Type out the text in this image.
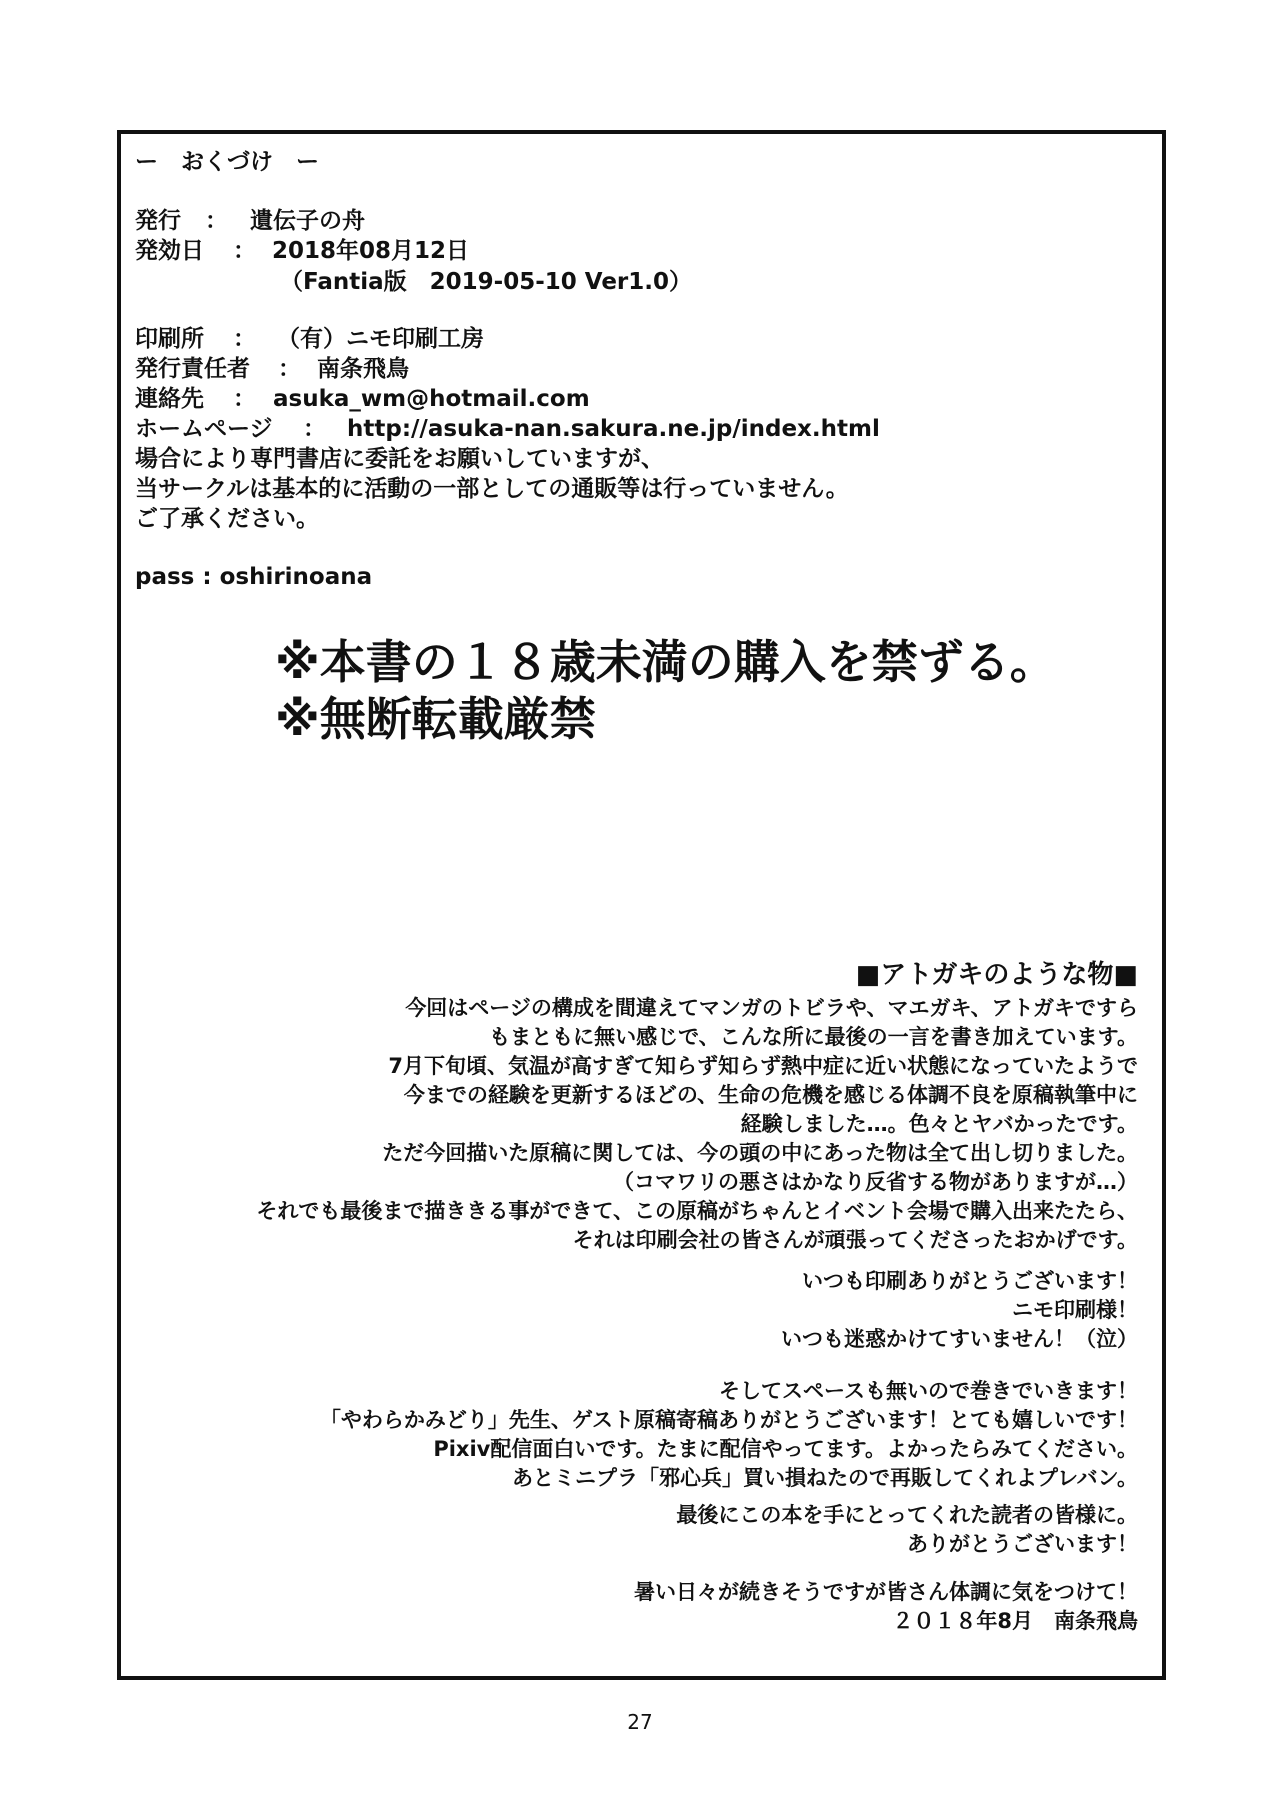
ー　おくづけ　ー
発行 ： 遺伝子の舟
発効日 ： 2018年08月12日
（Fantia版　2019-05-10 Ver1.0）
印刷所 ： （有）ニモ印刷工房
発行責任者 ： 南条飛鳥
連絡先 ： asuka_wm@hotmail.com
ホームページ ： http://asuka-nan.sakura.ne.jp/index.html
場合により専門書店に委託をお願いしていますが、
当サークルは基本的に活動の一部としての通販等は行っていません。
ご了承ください。
pass : oshirinoana
※本書の１８歳未満の購入を禁ずる。
※無断転載厳禁
■アトガキのような物■
今回はページの構成を間違えてマンガのトビラや、マエガキ、アトガキですら
もまともに無い感じで、こんな所に最後の一言を書き加えています。
7月下旬頃、気温が高すぎて知らず知らず熱中症に近い状態になっていたようで
今までの経験を更新するほどの、生命の危機を感じる体調不良を原稿執筆中に
経験しました…。色々とヤバかったです。
ただ今回描いた原稿に関しては、今の頭の中にあった物は全て出し切りました。
（コマワリの悪さはかなり反省する物がありますが…）
それでも最後まで描ききる事ができて、この原稿がちゃんとイベント会場で購入出来たたら、
それは印刷会社の皆さんが頑張ってくださったおかげです。
いつも印刷ありがとうございます！
ニモ印刷様！
いつも迷惑かけてすいません！（泣）
そしてスペースも無いので巻きでいきます！
「やわらかみどり」先生、ゲスト原稿寄稿ありがとうございます！とても嬉しいです！
Pixiv配信面白いです。たまに配信やってます。よかったらみてください。
あとミニプラ「邪心兵」買い損ねたので再販してくれよプレバン。
最後にこの本を手にとってくれた読者の皆様に。
ありがとうございます！
暑い日々が続きそうですが皆さん体調に気をつけて！
２０１８年8月　南条飛鳥
27
